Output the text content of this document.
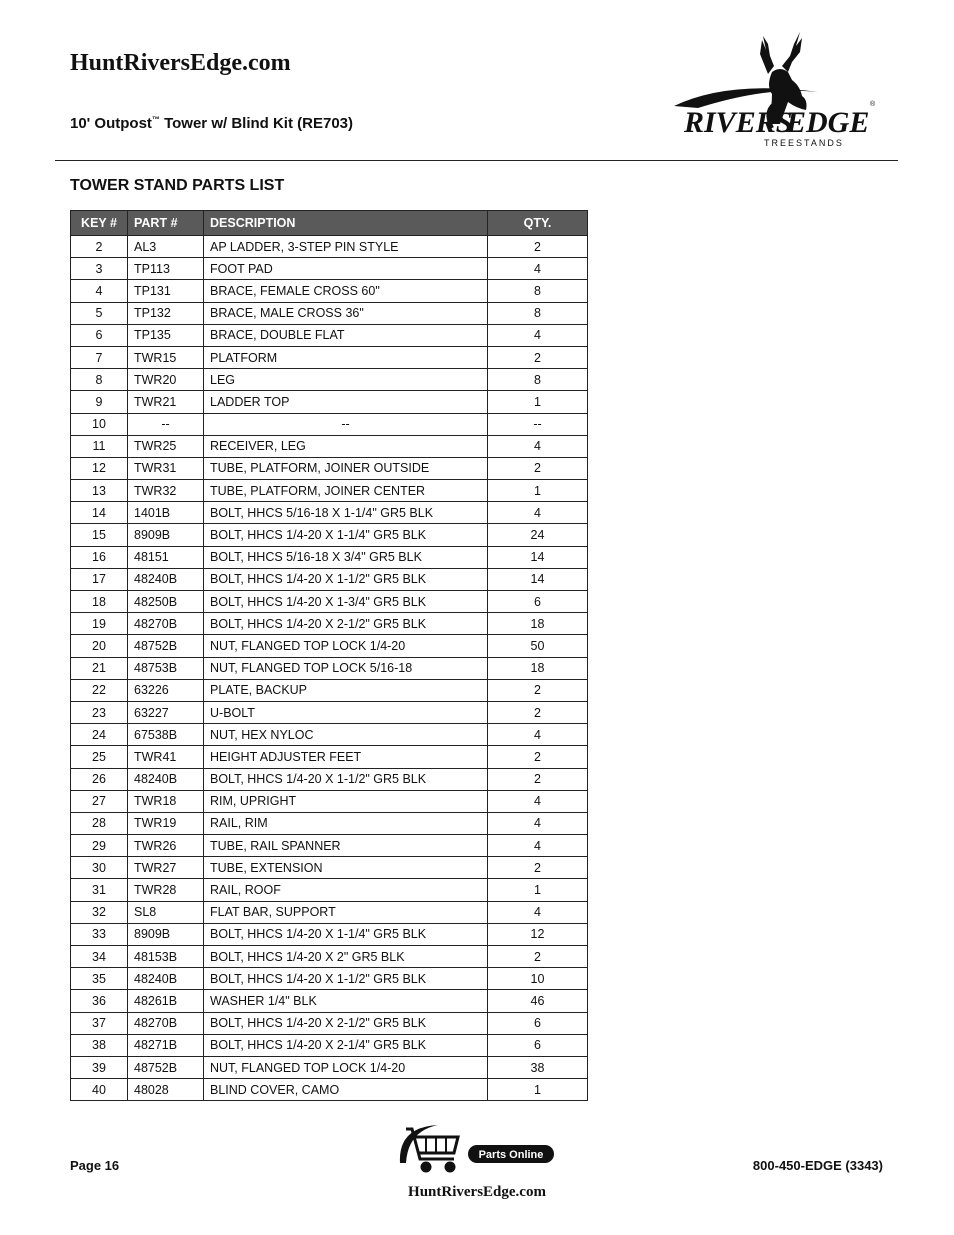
HuntRiversEdge.com
10' Outpost™ Tower w/ Blind Kit (RE703)	RIVERS
EDGE
®
TREESTANDS
TOWER STAND PARTS LIST
KEY #	PART #	DESCRIPTION	QTY.
2	AL3	AP LADDER, 3-STEP PIN STYLE	2
3	TP113	FOOT PAD	4
4	TP131	BRACE, FEMALE CROSS 60"	8
5	TP132	BRACE, MALE CROSS 36"	8
6	TP135	BRACE, DOUBLE FLAT	4
7	TWR15	PLATFORM	2
8	TWR20	LEG	8
9	TWR21	LADDER TOP	1
10	--	--	--
11	TWR25	RECEIVER, LEG	4
12	TWR31	TUBE, PLATFORM, JOINER OUTSIDE	2
13	TWR32	TUBE, PLATFORM, JOINER CENTER	1
14	1401B	BOLT, HHCS 5/16-18 X 1-1/4" GR5 BLK	4
15	8909B	BOLT, HHCS 1/4-20 X 1-1/4" GR5 BLK	24
16	48151	BOLT, HHCS 5/16-18 X 3/4" GR5 BLK	14
17	48240B	BOLT, HHCS 1/4-20 X 1-1/2" GR5 BLK	14
18	48250B	BOLT, HHCS 1/4-20 X 1-3/4" GR5 BLK	6
19	48270B	BOLT, HHCS 1/4-20 X 2-1/2" GR5 BLK	18
20	48752B	NUT, FLANGED TOP LOCK 1/4-20	50
21	48753B	NUT, FLANGED TOP LOCK 5/16-18	18
22	63226	PLATE, BACKUP	2
23	63227	U-BOLT	2
24	67538B	NUT, HEX NYLOC	4
25	TWR41	HEIGHT ADJUSTER FEET	2
26	48240B	BOLT, HHCS 1/4-20 X 1-1/2" GR5 BLK	2
27	TWR18	RIM, UPRIGHT	4
28	TWR19	RAIL, RIM	4
29	TWR26	TUBE, RAIL SPANNER	4
30	TWR27	TUBE, EXTENSION	2
31	TWR28	RAIL, ROOF	1
32	SL8	FLAT BAR, SUPPORT	4
33	8909B	BOLT, HHCS 1/4-20 X 1-1/4" GR5 BLK	12
34	48153B	BOLT, HHCS 1/4-20 X 2" GR5 BLK	2
35	48240B	BOLT, HHCS 1/4-20 X 1-1/2" GR5 BLK	10
36	48261B	WASHER 1/4" BLK	46
37	48270B	BOLT, HHCS 1/4-20 X 2-1/2" GR5 BLK	6
38	48271B	BOLT, HHCS 1/4-20 X 2-1/4" GR5 BLK	6
39	48752B	NUT, FLANGED TOP LOCK 1/4-20	38
40	48028	BLIND COVER, CAMO	1
Page 16
Parts Online
800-450-EDGE (3343)
HuntRiversEdge.com
